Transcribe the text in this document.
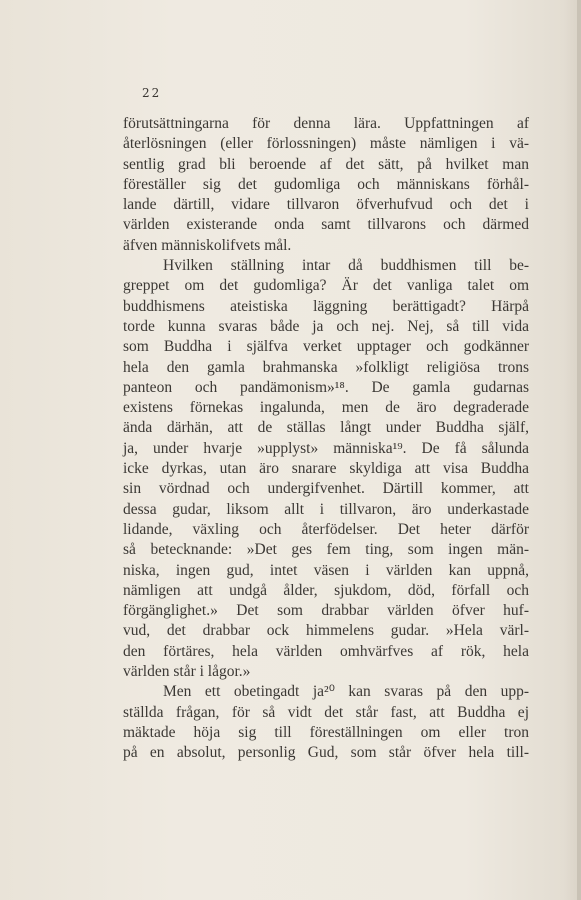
22
förutsättningarna för denna lära. Uppfattningen af
återlösningen (eller förlossningen) måste nämligen i vä-
sentlig grad bli beroende af det sätt, på hvilket man
föreställer sig det gudomliga och människans förhål-
lande därtill, vidare tillvaron öfverhufvud och det i
världen existerande onda samt tillvarons och därmed
äfven människolifvets mål.
Hvilken ställning intar då buddhismen till be-
greppet om det gudomliga? Är det vanliga talet om
buddhismens ateistiska läggning berättigadt? Härpå
torde kunna svaras både ja och nej. Nej, så till vida
som Buddha i själfva verket upptager och godkänner
hela den gamla brahmanska »folkligt religiösa trons
panteon och pandämonism»¹⁸. De gamla gudarnas
existens förnekas ingalunda, men de äro degraderade
ända därhän, att de ställas långt under Buddha själf,
ja, under hvarje »upplyst» människa¹⁹. De få sålunda
icke dyrkas, utan äro snarare skyldiga att visa Buddha
sin vördnad och undergifvenhet. Därtill kommer, att
dessa gudar, liksom allt i tillvaron, äro underkastade
lidande, växling och återfödelser. Det heter därför
så betecknande: »Det ges fem ting, som ingen män-
niska, ingen gud, intet väsen i världen kan uppnå,
nämligen att undgå ålder, sjukdom, död, förfall och
förgänglighet.» Det som drabbar världen öfver huf-
vud, det drabbar ock himmelens gudar. »Hela värl-
den förtäres, hela världen omhvärfves af rök, hela
världen står i lågor.»
Men ett obetingadt ja²⁰ kan svaras på den upp-
ställda frågan, för så vidt det står fast, att Buddha ej
mäktade höja sig till föreställningen om eller tron
på en absolut, personlig Gud, som står öfver hela till-
